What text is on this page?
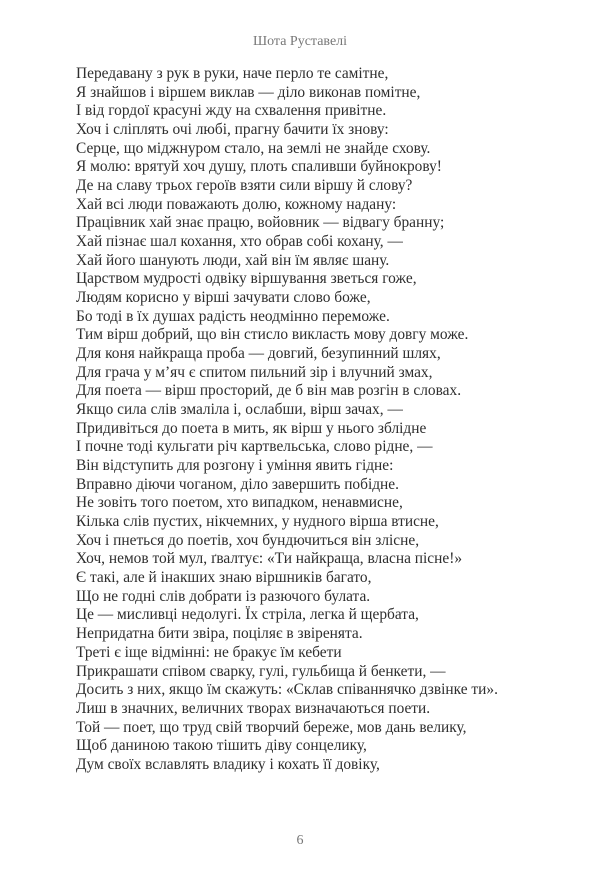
Шота Руставелі
Передавану з рук в руки, наче перло те самітне,
Я знайшов і віршем виклав — діло виконав помітне,
І від гордої красуні жду на схвалення привітне.
Хоч і сліплять очі любі, прагну бачити їх знову:
Серце, що міджнуром стало, на землі не знайде схову.
Я молю: врятуй хоч душу, плоть спаливши буйнокрову!
Де на славу трьох героїв взяти сили віршу й слову?
Хай всі люди поважають долю, кожному надану:
Працівник хай знає працю, войовник — відвагу бранну;
Хай пізнає шал кохання, хто обрав собі кохану, —
Хай його шанують люди, хай він їм являє шану.
Царством мудрості одвіку віршування зветься гоже,
Людям корисно у вірші зачувати слово боже,
Бо тоді в їх душах радість неодмінно переможе.
Тим вірш добрий, що він стисло викласть мову довгу може.
Для коня найкраща проба — довгий, безупинний шлях,
Для грача у м’яч є спитом пильний зір і влучний змах,
Для поета — вірш просторий, де б він мав розгін в словах.
Якщо сила слів змаліла і, ослабши, вірш зачах, —
Придивіться до поета в мить, як вірш у нього зблідне
І почне тоді кульгати річ картвельська, слово рідне, —
Він відступить для розгону і уміння явить гідне:
Вправно діючи чоганом, діло завершить побідне.
Не зовіть того поетом, хто випадком, ненавмисне,
Кілька слів пустих, нікчемних, у нудного вірша втисне,
Хоч і пнеться до поетів, хоч бундючиться він злісне,
Хоч, немов той мул, ґвалтує: «Ти найкраща, власна пісне!»
Є такі, але й інакших знаю віршників багато,
Що не годні слів добрати із разючого булата.
Це — мисливці недолугі. Їх стріла, легка й щербата,
Непридатна бити звіра, поціляє в звіренята.
Треті є іще відмінні: не бракує їм кебети
Прикрашати співом сварку, гулі, гульбища й бенкети, —
Досить з них, якщо їм скажуть: «Склав співаннячко дзвінке ти».
Лиш в значних, величних творах визначаються поети.
Той — поет, що труд свій творчий береже, мов дань велику,
Щоб даниною такою тішить діву сонцелику,
Дум своїх вславлять владику і кохать її довіку,
6
